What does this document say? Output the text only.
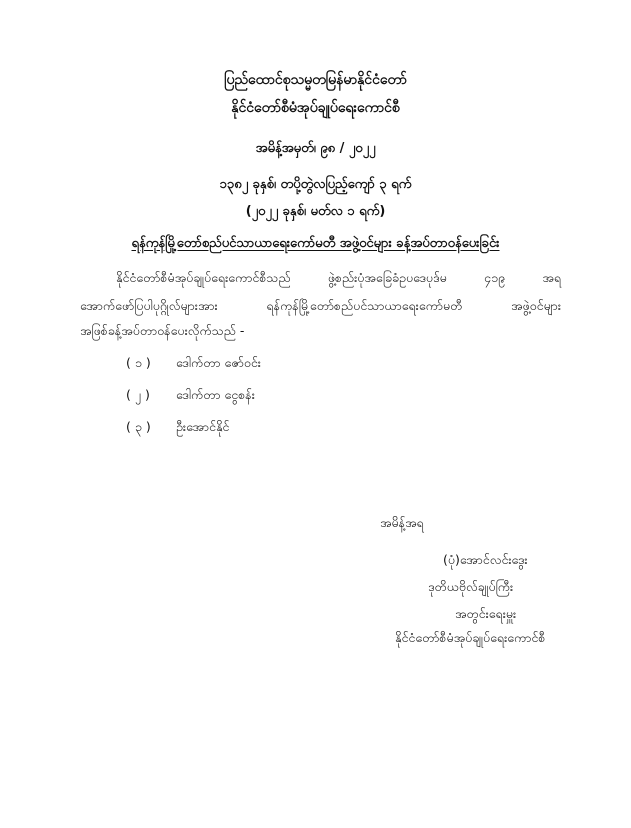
ပြည်ထောင်စုသမ္မတမြန်မာနိုင်ငံတော်
နိုင်ငံတော်စီမံအုပ်ချုပ်ရေးကောင်စီ
အမိန့်အမှတ်၊ ၉၈ / ၂၀၂၂
၁၃၈၂ ခုနှစ်၊ တပို့တွဲလပြည့်ကျော် ၃ ရက်
(၂၀၂၂ ခုနှစ်၊ မတ်လ ၁ ရက်)
ရန်ကုန်မြို့တော်စည်ပင်သာယာရေးကော်မတီ အဖွဲ့ဝင်များ ခန့်အပ်တာဝန်ပေးခြင်း
နိုင်ငံတော်စီမံအုပ်ချုပ်ရေးကောင်စီသည် ဖွဲ့စည်းပုံအခြေခံဥပဒေပုဒ်မ ၄၁၉ အရ
အောက်ဖော်ပြပါပုဂ္ဂိုလ်များအား ရန်ကုန်မြို့တော်စည်ပင်သာယာရေးကော်မတီ အဖွဲ့ဝင်များ
အဖြစ်ခန့်အပ်တာဝန်ပေးလိုက်သည် -
( ၁ ) ဒေါက်တာ ဇော်ဝင်း
( ၂ ) ဒေါက်တာ ငွေစန်း
( ၃ ) ဦးအောင်နိုင်
အမိန့်အရ
(ပုံ)အောင်လင်းဒွေး
ဒုတိယဗိုလ်ချုပ်ကြီး
အတွင်းရေးမှူး
နိုင်ငံတော်စီမံအုပ်ချုပ်ရေးကောင်စီ
